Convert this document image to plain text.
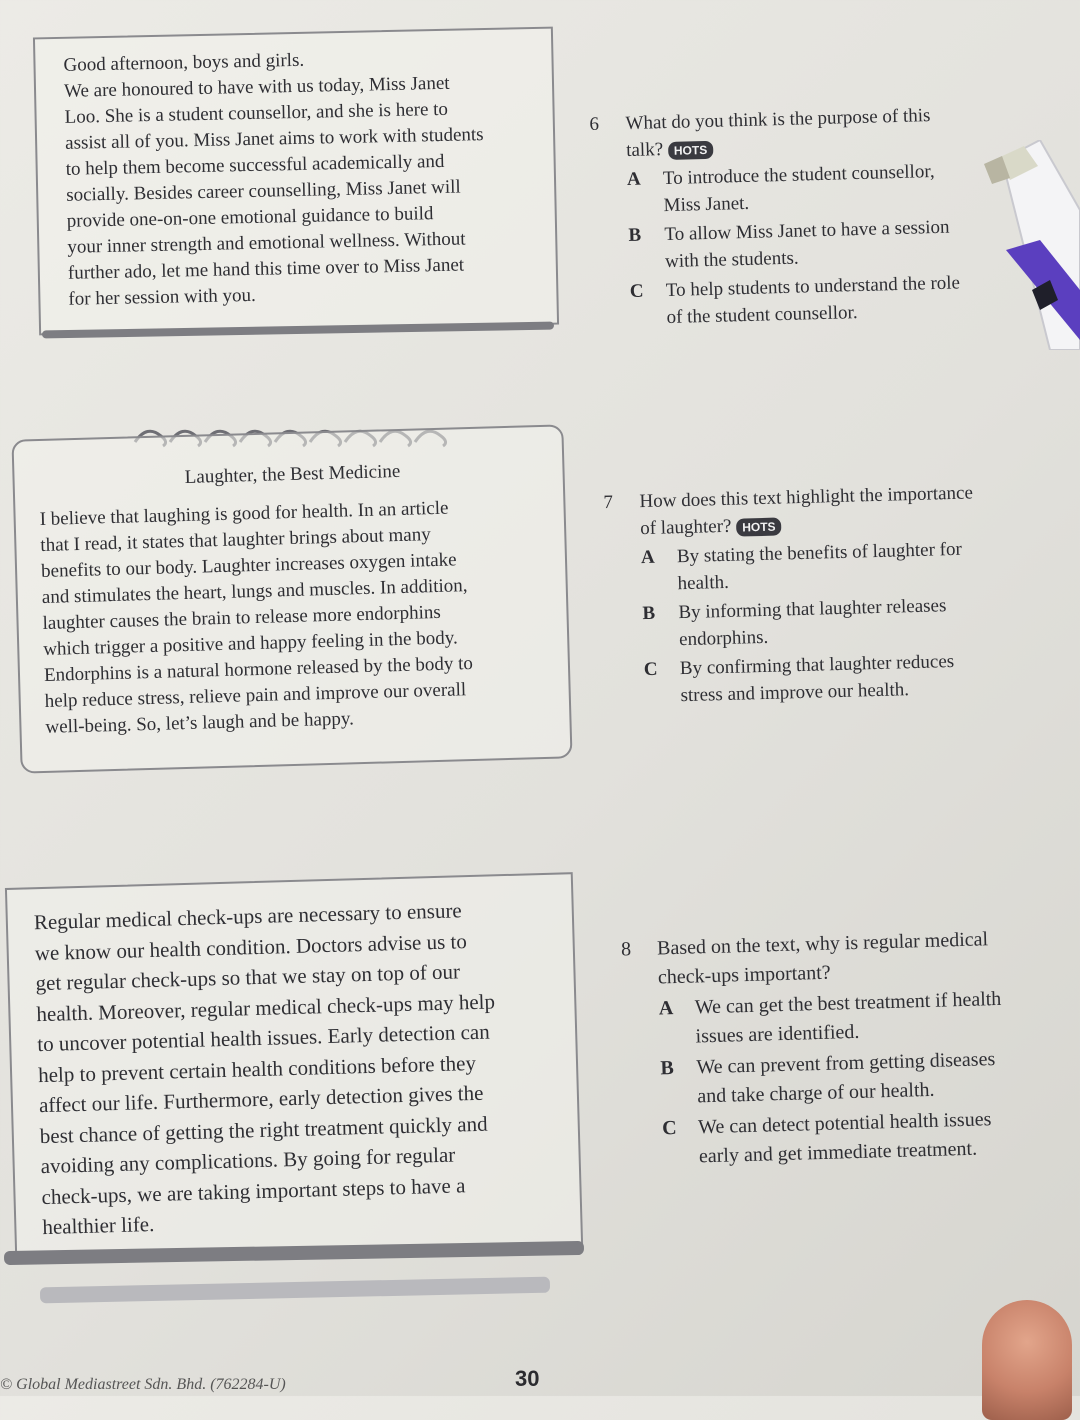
Good afternoon, boys and girls.

We are honoured to have with us today, Miss Janet

Loo. She is a student counsellor, and she is here to

assist all of you. Miss Janet aims to work with students

to help them become successful academically and

socially. Besides career counselling, Miss Janet will

provide one-on-one emotional guidance to build

your inner strength and emotional wellness. Without

further ado, let me hand this time over to Miss Janet

for her session with you.

6 What do you think is the purpose of this talk? HOTS
A	To introduce the student counsellor, Miss Janet.
B	To allow Miss Janet to have a session with the students.
C	To help students to understand the role of the student counsellor.
Laughter, the Best Medicine

I believe that laughing is good for health. In an article

that I read, it states that laughter brings about many

benefits to our body. Laughter increases oxygen intake

and stimulates the heart, lungs and muscles. In addition,

laughter causes the brain to release more endorphins

which trigger a positive and happy feeling in the body.

Endorphins is a natural hormone released by the body to

help reduce stress, relieve pain and improve our overall

well-being. So, let’s laugh and be happy.

7 How does this text highlight the importance of laughter? HOTS
A	By stating the benefits of laughter for health.
B	By informing that laughter releases endorphins.
C	By confirming that laughter reduces stress and improve our health.

Regular medical check-ups are necessary to ensure

we know our health condition. Doctors advise us to

get regular check-ups so that we stay on top of our

health. Moreover, regular medical check-ups may help

to uncover potential health issues. Early detection can

help to prevent certain health conditions before they

affect our life. Furthermore, early detection gives the

best chance of getting the right treatment quickly and

avoiding any complications. By going for regular

check-ups, we are taking important steps to have a

healthier life.

8 Based on the text, why is regular medical check-ups important?
A	We can get the best treatment if health issues are identified.
B	We can prevent from getting diseases and take charge of our health.
C	We can detect potential health issues early and get immediate treatment.
© Global Mediastreet Sdn. Bhd. (762284-U)	30
